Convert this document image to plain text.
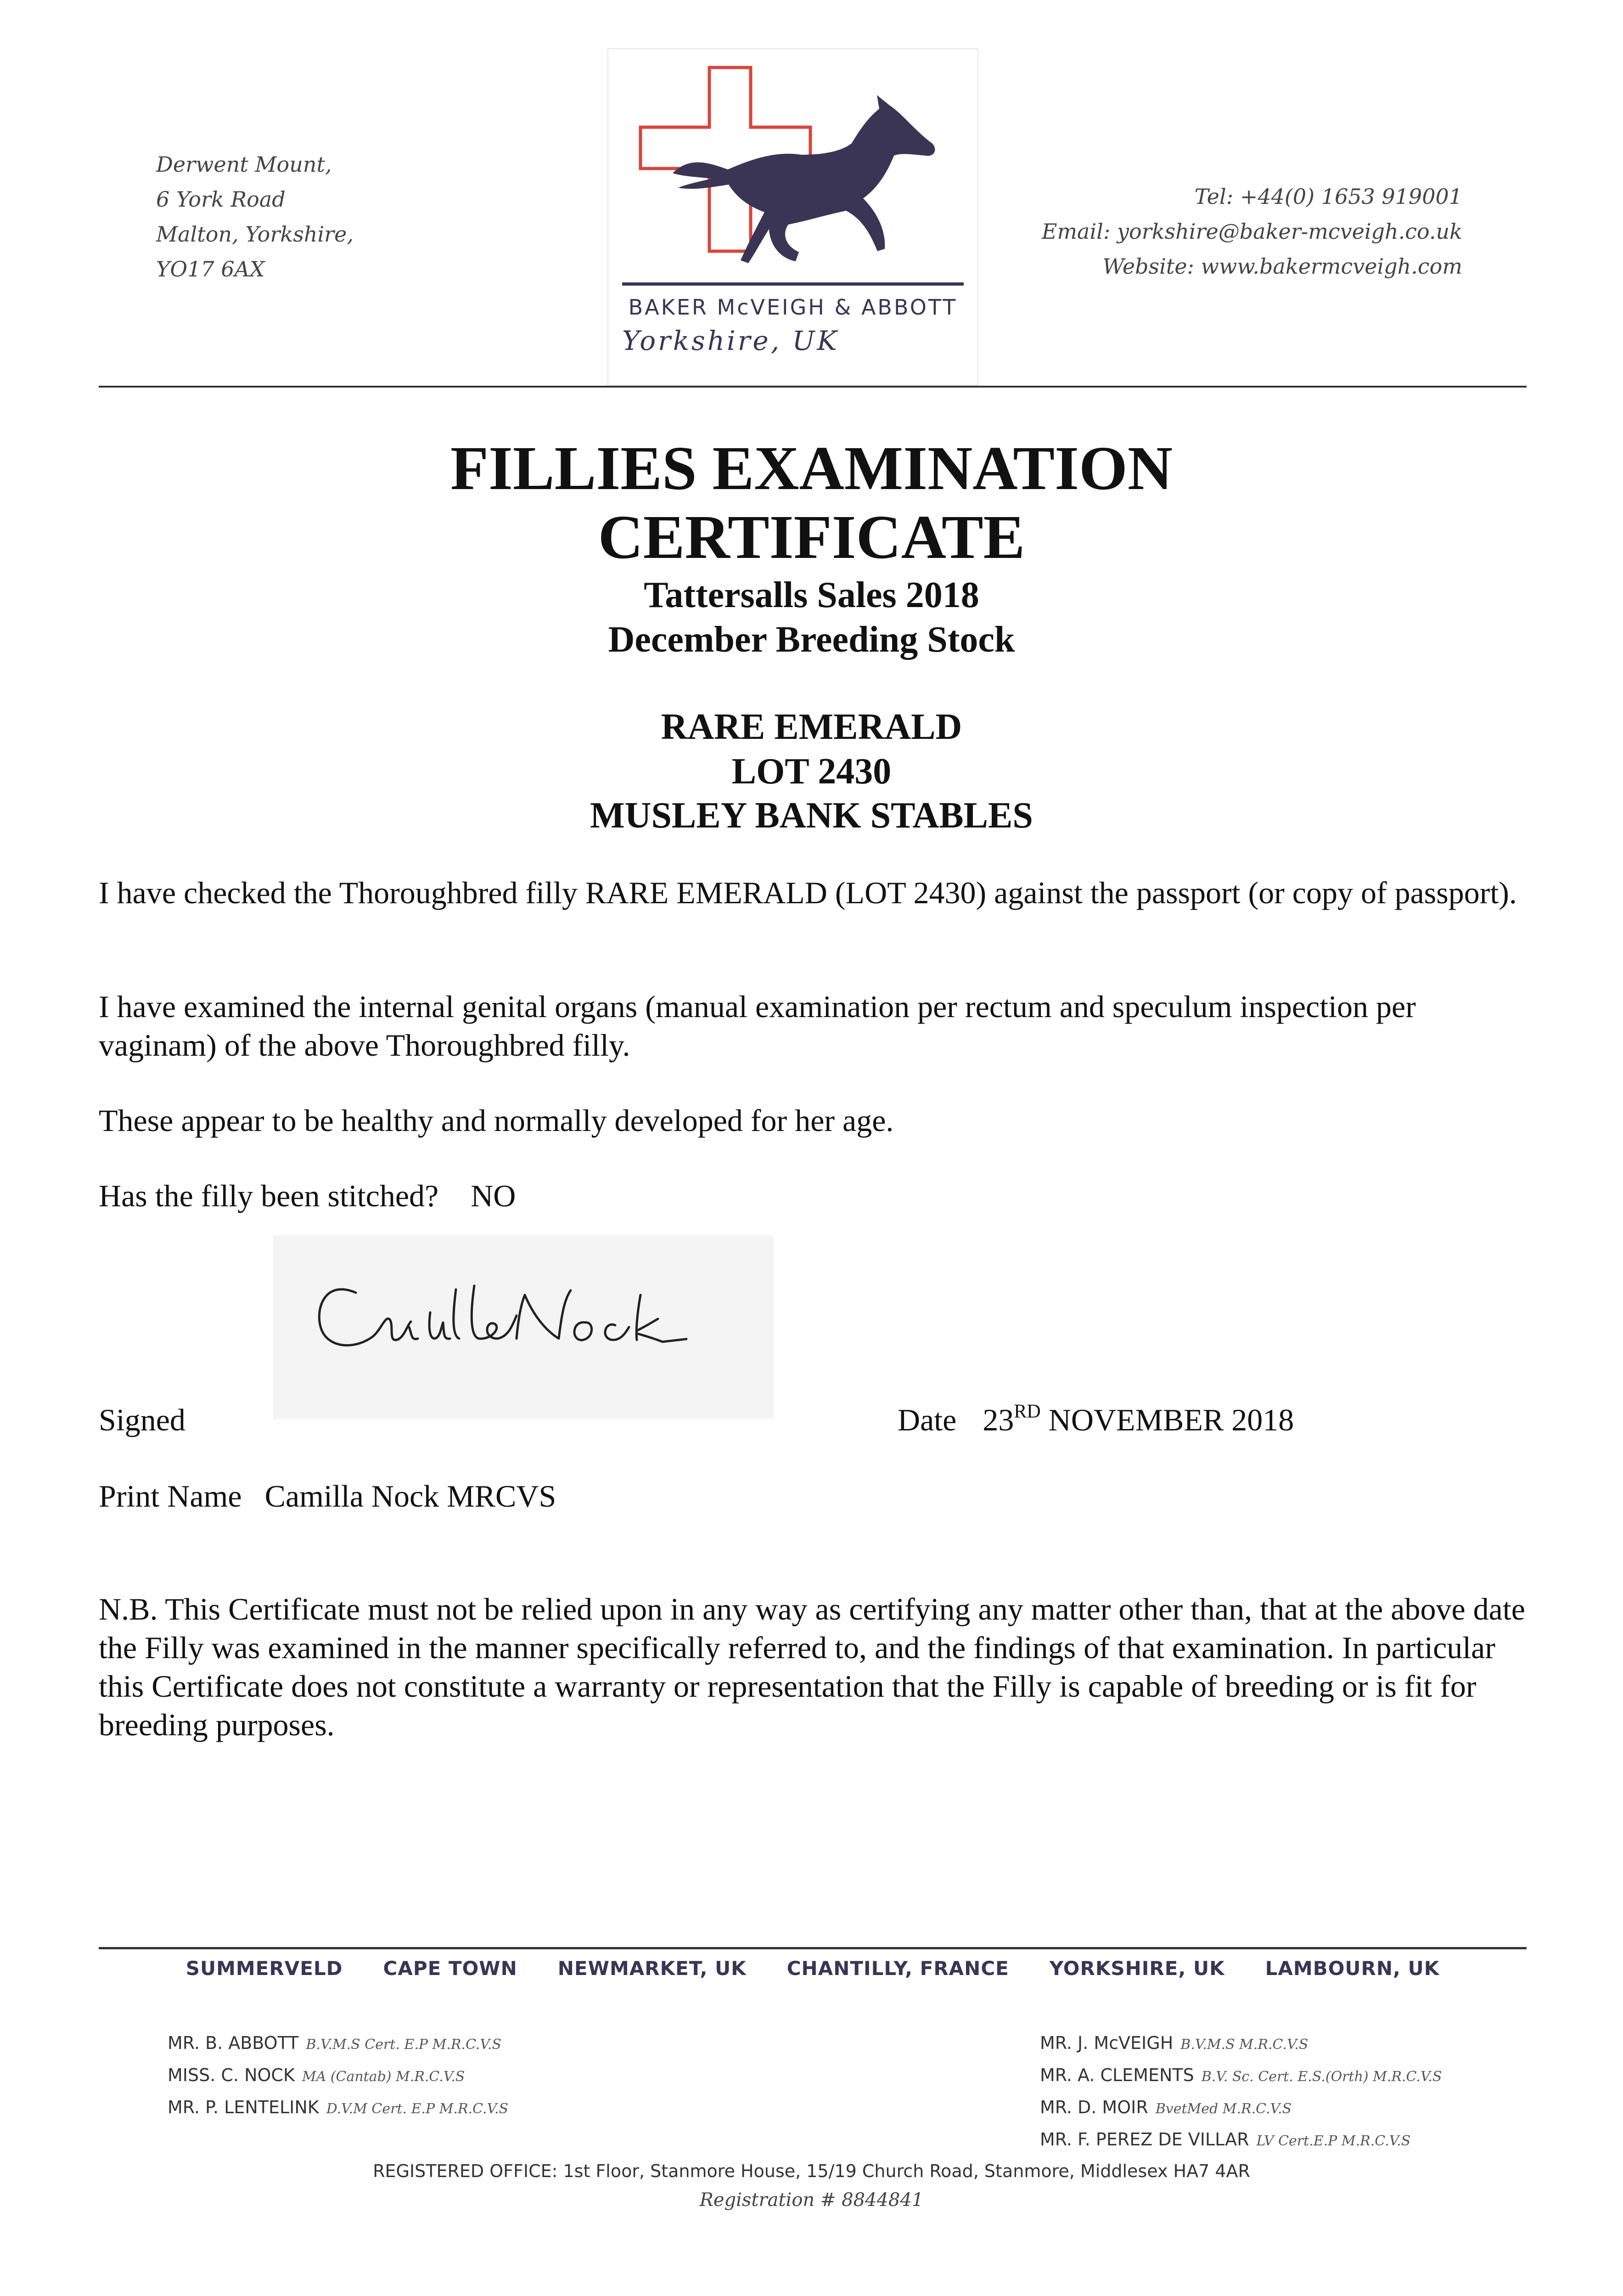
Derwent Mount,
6 York Road
Malton, Yorkshire,
YO17 6AX
BAKER McVEIGH & ABBOTT
Yorkshire, UK
Tel: +44(0) 1653 919001
Email: yorkshire@baker-mcveigh.co.uk
Website: www.bakermcveigh.com
FILLIES EXAMINATION
CERTIFICATE
Tattersalls Sales 2018
December Breeding Stock
RARE EMERALD
LOT 2430
MUSLEY BANK STABLES
I have checked the Thoroughbred filly RARE EMERALD (LOT 2430) against the passport (or copy of passport).
I have examined the internal genital organs (manual examination per rectum and speculum inspection per vaginam) of the above Thoroughbred filly.
These appear to be healthy and normally developed for her age.
Has the filly been stitched? NO
Signed	Date 23RD NOVEMBER 2018
Print Name Camilla Nock MRCVS
N.B. This Certificate must not be relied upon in any way as certifying any matter other than, that at the above date the Filly was examined in the manner specifically referred to, and the findings of that examination. In particular this Certificate does not constitute a warranty or representation that the Filly is capable of breeding or is fit for breeding purposes.
SUMMERVELD CAPE TOWN NEWMARKET, UK CHANTILLY, FRANCE YORKSHIRE, UK LAMBOURN, UK
MR. B. ABBOTT B.V.M.S Cert. E.P M.R.C.V.S
MISS. C. NOCK MA (Cantab) M.R.C.V.S
MR. P. LENTELINK D.V.M Cert. E.P M.R.C.V.S
MR. J. McVEIGH B.V.M.S M.R.C.V.S
MR. A. CLEMENTS B.V. Sc. Cert. E.S.(Orth) M.R.C.V.S
MR. D. MOIR BvetMed M.R.C.V.S
MR. F. PEREZ DE VILLAR LV Cert.E.P M.R.C.V.S
REGISTERED OFFICE: 1st Floor, Stanmore House, 15/19 Church Road, Stanmore, Middlesex HA7 4AR
Registration # 8844841
